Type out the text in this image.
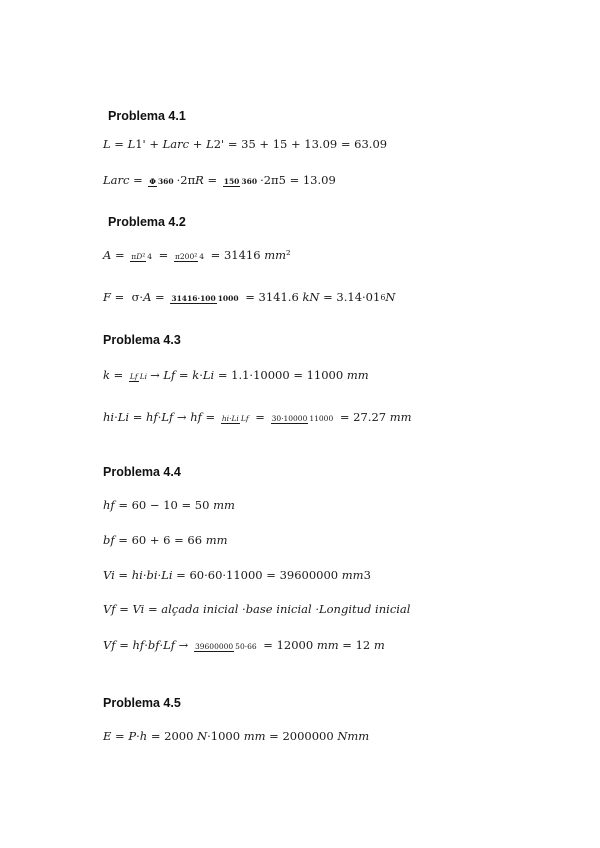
Problema 4.1
L = L 1' + Larc + L 2' = 35 + 15 + 13.09 = 63.09
Larc = Φ 360 ·2π R = 150 360 ·2π5 = 13.09
Problema 4.2
A = πD² 4 = π200² 4 = 31416 mm ²
F =  σ· A = 31416·100 1000 = 3141.6 kN = 3.14·01 6 N
Problema 4.3
k = Lf Li → Lf = k · Li = 1.1·10000 = 11000 mm
hi · Li = hf · Lf → hf = hi·Li Lf = 30·10000 11000 = 27.27 mm
Problema 4.4
hf = 60 − 10 = 50 mm
bf = 60 + 6 = 66 mm
Vi = hi · bi · Li = 60·60·11000 = 39600000 mm 3
Vf = Vi = alçada inicial · base inicial · Longitud inicial
Vf = hf · bf · Lf → 39600000 50·66 = 12000 mm = 12 m
Problema 4.5
E = P · h = 2000 N ·1000 mm = 2000000 Nmm
